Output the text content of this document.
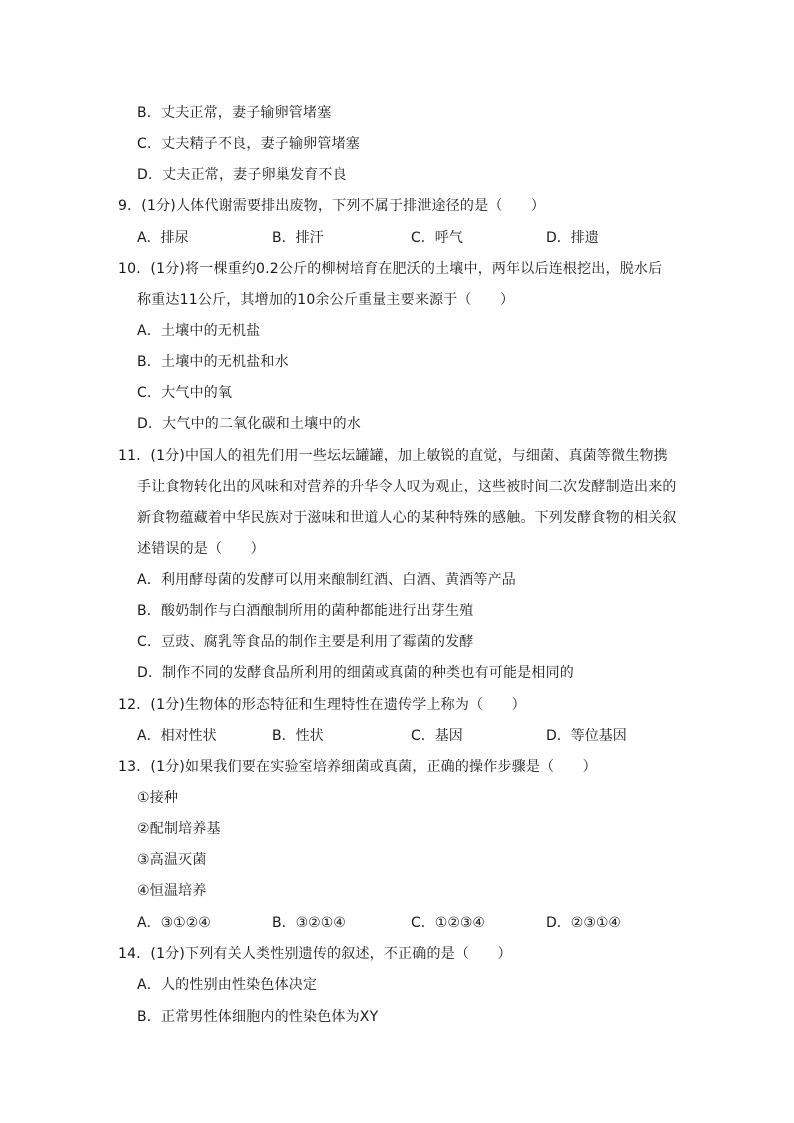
B．丈夫正常，妻子输卵管堵塞
C．丈夫精子不良，妻子输卵管堵塞
D．丈夫正常，妻子卵巢发育不良
9．(1分)人体代谢需要排出废物，下列不属于排泄途径的是（　　）
A．排尿	B．排汗	C．呼气	D．排遗
10．(1分)将一棵重约0.2公斤的柳树培育在肥沃的土壤中，两年以后连根挖出，脱水后
称重达11公斤，其增加的10余公斤重量主要来源于（　　）
A．土壤中的无机盐
B．土壤中的无机盐和水
C．大气中的氧
D．大气中的二氧化碳和土壤中的水
11．(1分)中国人的祖先们用一些坛坛罐罐，加上敏锐的直觉，与细菌、真菌等微生物携
手让食物转化出的风味和对营养的升华令人叹为观止，这些被时间二次发酵制造出来的
新食物蕴藏着中华民族对于滋味和世道人心的某种特殊的感触。下列发酵食物的相关叙
述错误的是（　　）
A．利用酵母菌的发酵可以用来酿制红酒、白酒、黄酒等产品
B．酸奶制作与白酒酿制所用的菌种都能进行出芽生殖
C．豆豉、腐乳等食品的制作主要是利用了霉菌的发酵
D．制作不同的发酵食品所利用的细菌或真菌的种类也有可能是相同的
12．(1分)生物体的形态特征和生理特性在遗传学上称为（　　）
A．相对性状	B．性状	C．基因	D．等位基因
13．(1分)如果我们要在实验室培养细菌或真菌，正确的操作步骤是（　　）
①接种
②配制培养基
③高温灭菌
④恒温培养
A．③①②④	B．③②①④	C．①②③④	D．②③①④
14．(1分)下列有关人类性别遗传的叙述，不正确的是（　　）
A．人的性别由性染色体决定
B．正常男性体细胞内的性染色体为XY
